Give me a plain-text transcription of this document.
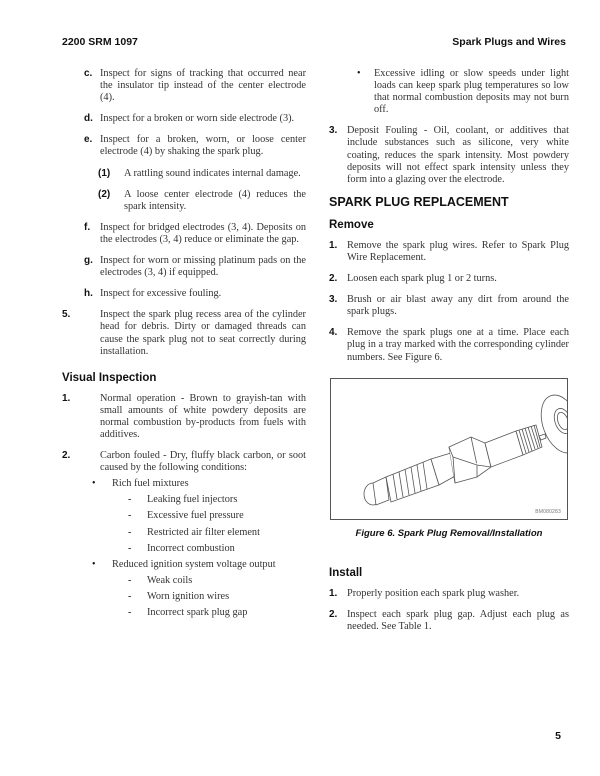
2200 SRM 1097	Spark Plugs and Wires
c. Inspect for signs of tracking that occurred near the insulator tip instead of the center electrode (4).
d. Inspect for a broken or worn side electrode (3).
e. Inspect for a broken, worn, or loose center electrode (4) by shaking the spark plug.
(1) A rattling sound indicates internal damage.
(2) A loose center electrode (4) reduces the spark intensity.
f. Inspect for bridged electrodes (3, 4). Deposits on the electrodes (3, 4) reduce or eliminate the gap.
g. Inspect for worn or missing platinum pads on the electrodes (3, 4) if equipped.
h. Inspect for excessive fouling.
5.	Inspect the spark plug recess area of the cylinder head for debris. Dirty or damaged threads can cause the spark plug not to seat correctly during installation.
Visual Inspection
1.	Normal operation - Brown to grayish-tan with small amounts of white powdery deposits are normal combustion by-products from fuels with additives.
2.	Carbon fouled - Dry, fluffy black carbon, or soot caused by the following conditions:
• Rich fuel mixtures
- Leaking fuel injectors
- Excessive fuel pressure
- Restricted air filter element
- Incorrect combustion
• Reduced ignition system voltage output
- Weak coils
- Worn ignition wires
- Incorrect spark plug gap
• Excessive idling or slow speeds under light loads can keep spark plug temperatures so low that normal combustion deposits may not burn off.
3. Deposit Fouling - Oil, coolant, or additives that include substances such as silicone, very white coating, reduces the spark intensity. Most powdery deposits will not effect spark intensity unless they form into a glazing over the electrode.
SPARK PLUG REPLACEMENT
Remove
1. Remove the spark plug wires. Refer to Spark Plug Wire Replacement.
2. Loosen each spark plug 1 or 2 turns.
3. Brush or air blast away any dirt from around the spark plugs.
4. Remove the spark plugs one at a time. Place each plug in a tray marked with the corresponding cylinder numbers. See Figure 6.
BM080283
Figure 6. Spark Plug Removal/Installation
Install
1. Properly position each spark plug washer.
2. Inspect each spark plug gap. Adjust each plug as needed. See Table 1.
5
